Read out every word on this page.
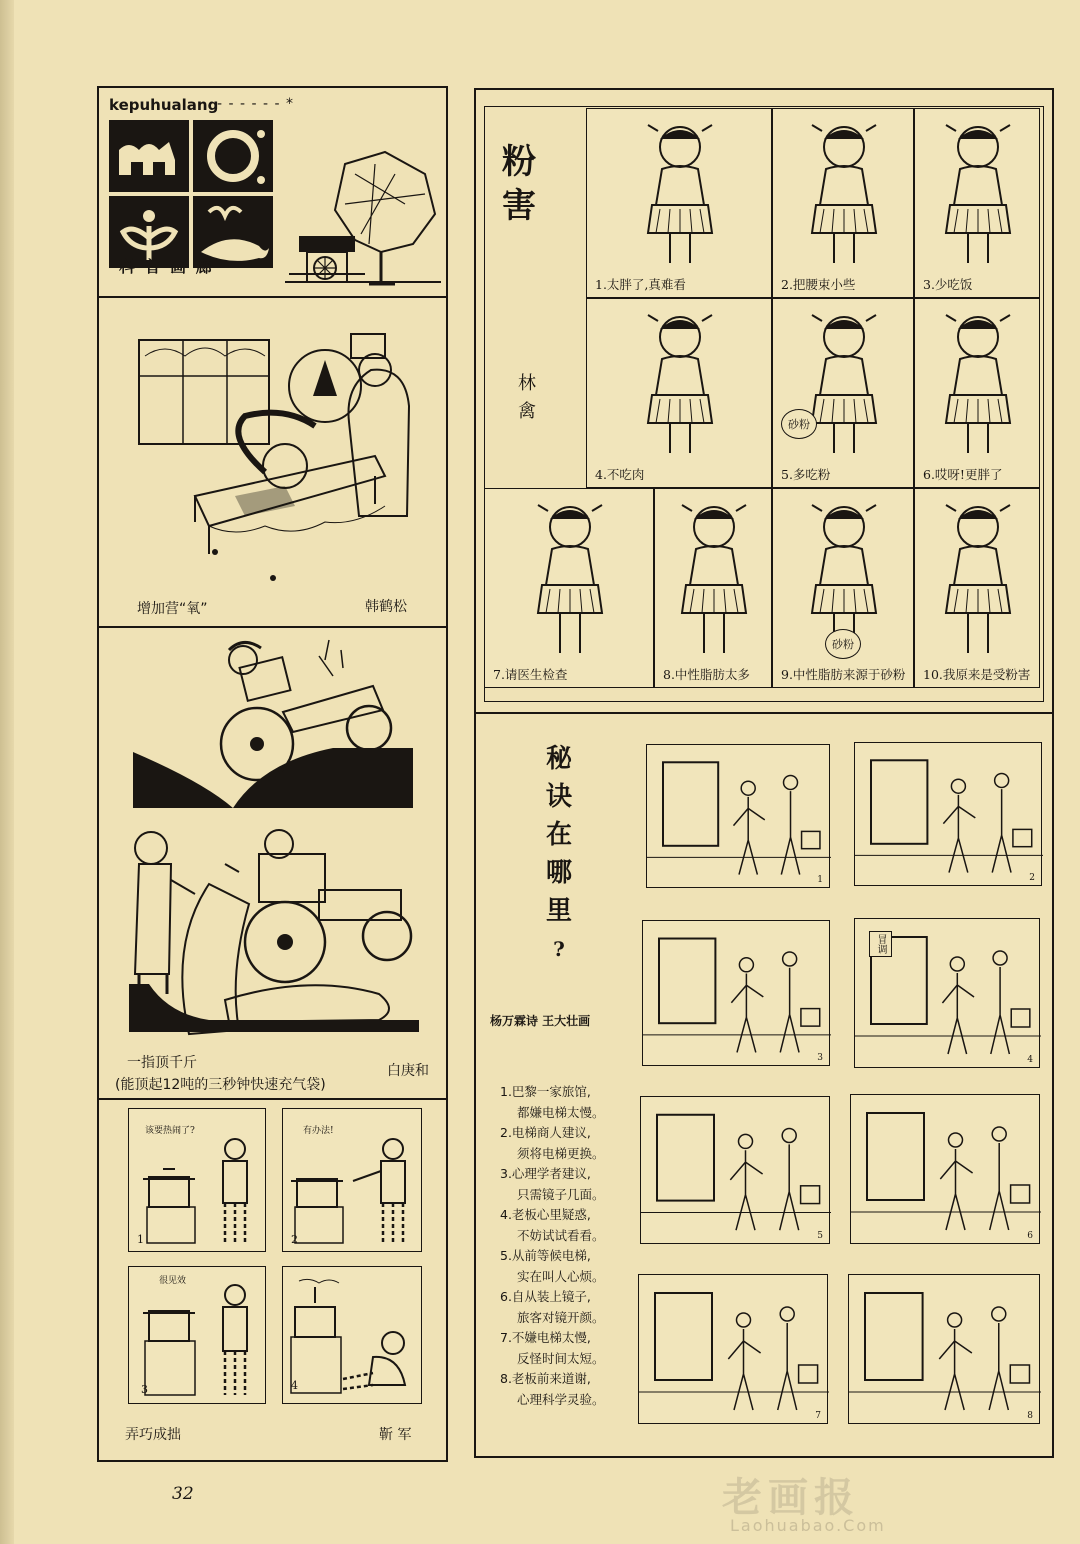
kepuhualang
- - - - - - *
科 普 画 廊
增加营“氧”	韩鹤松
一指顶千斤
(能顶起12吨的三秒钟快速充气袋)
白庚和
该要热闹了?
1
有办法!
2
很见效
3	4
弄巧成拙	靳 军
粉
害
林
禽
1.太胖了,真难看	2.把腰束小些	3.少吃饭
4.不吃肉	5.多吃粉
砂粉
6.哎呀!更胖了
7.请医生检查	8.中性脂肪太多 9.中性脂肪来源于砂粉
砂粉
10.我原来是受粉害
秘
诀
在
哪
里
?
杨万霖诗 王大壮画
1	2
3	4
冒调
5	6
7	8
1.巴黎一家旅馆,
都嫌电梯太慢。
2.电梯商人建议,
须将电梯更换。
3.心理学者建议,
只需镜子几面。
4.老板心里疑惑,
不妨试试看看。
5.从前等候电梯,
实在叫人心烦。
6.自从装上镜子,
旅客对镜开颜。
7.不嫌电梯太慢,
反怪时间太短。
8.老板前来道谢,
心理科学灵验。
32	老画报
Laohuabao.Com
